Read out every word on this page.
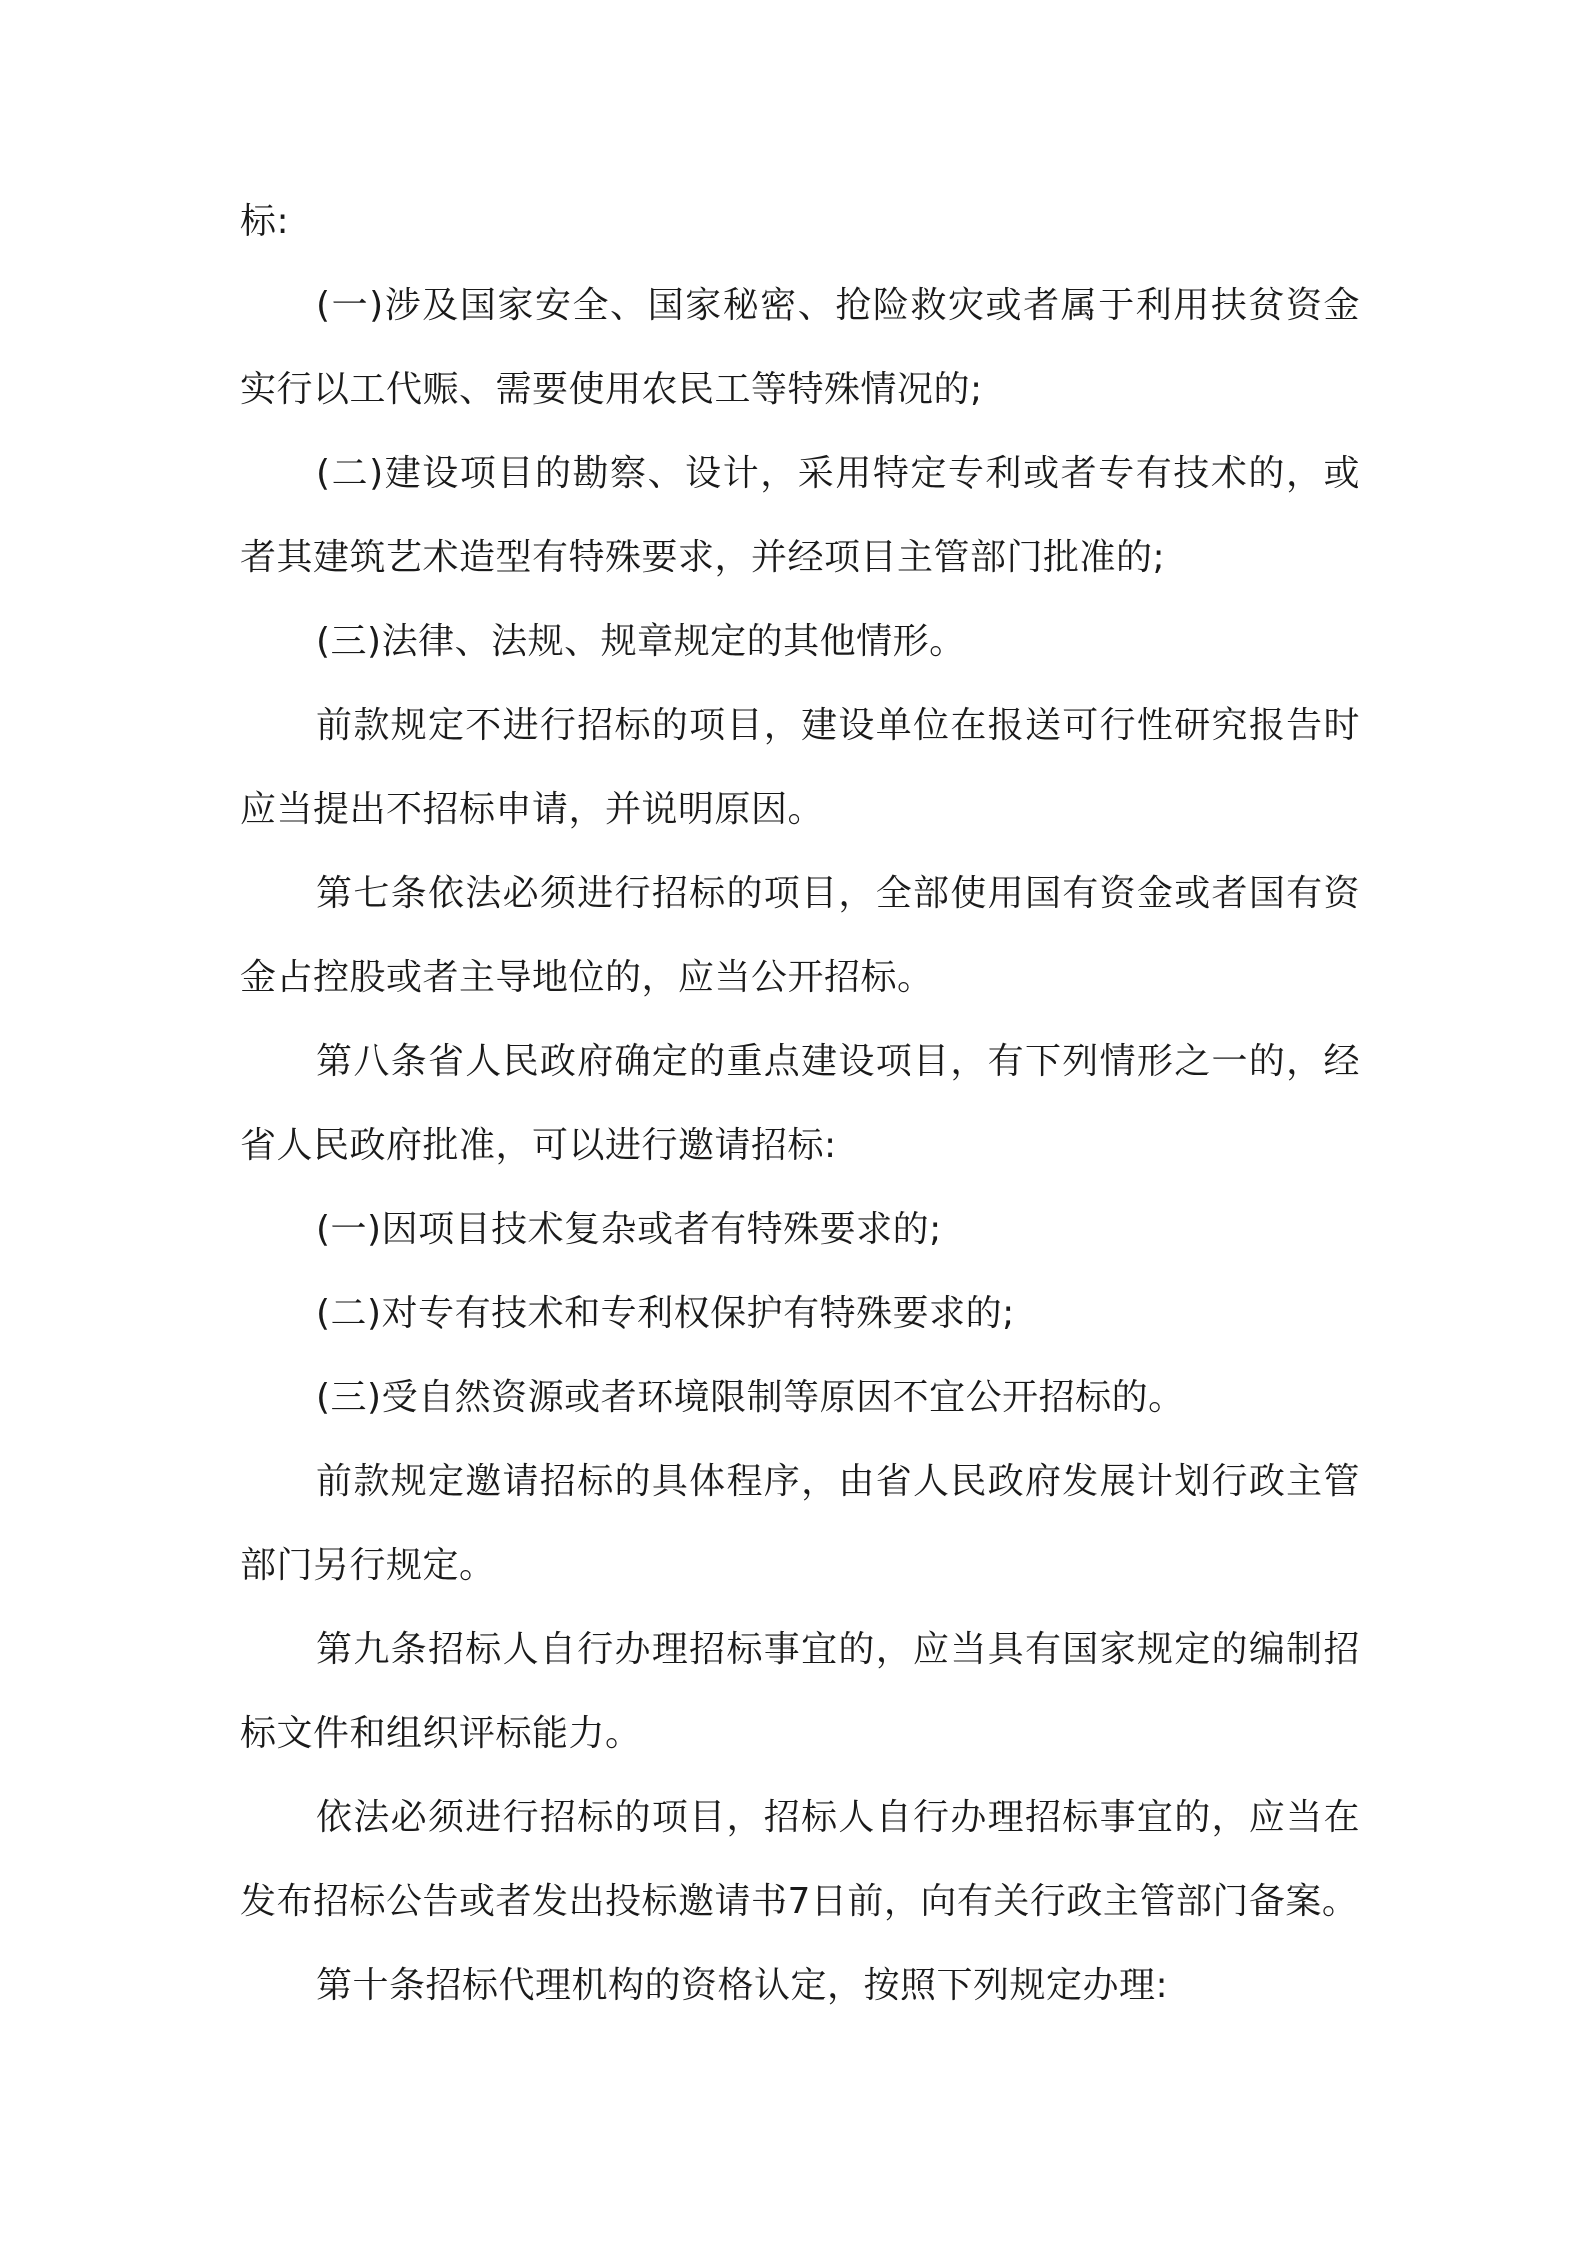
标:

(一)涉及国家安全、国家秘密、抢险救灾或者属于利用扶贫资金实行以工代赈、需要使用农民工等特殊情况的;

(二)建设项目的勘察、设计，采用特定专利或者专有技术的，或者其建筑艺术造型有特殊要求，并经项目主管部门批准的;

(三)法律、法规、规章规定的其他情形。

前款规定不进行招标的项目，建设单位在报送可行性研究报告时应当提出不招标申请，并说明原因。

第七条依法必须进行招标的项目，全部使用国有资金或者国有资金占控股或者主导地位的，应当公开招标。

第八条省人民政府确定的重点建设项目，有下列情形之一的，经省人民政府批准，可以进行邀请招标:

(一)因项目技术复杂或者有特殊要求的;

(二)对专有技术和专利权保护有特殊要求的;

(三)受自然资源或者环境限制等原因不宜公开招标的。

前款规定邀请招标的具体程序，由省人民政府发展计划行政主管部门另行规定。

第九条招标人自行办理招标事宜的，应当具有国家规定的编制招标文件和组织评标能力。

依法必须进行招标的项目，招标人自行办理招标事宜的，应当在发布招标公告或者发出投标邀请书7日前，向有关行政主管部门备案。

第十条招标代理机构的资格认定，按照下列规定办理:
